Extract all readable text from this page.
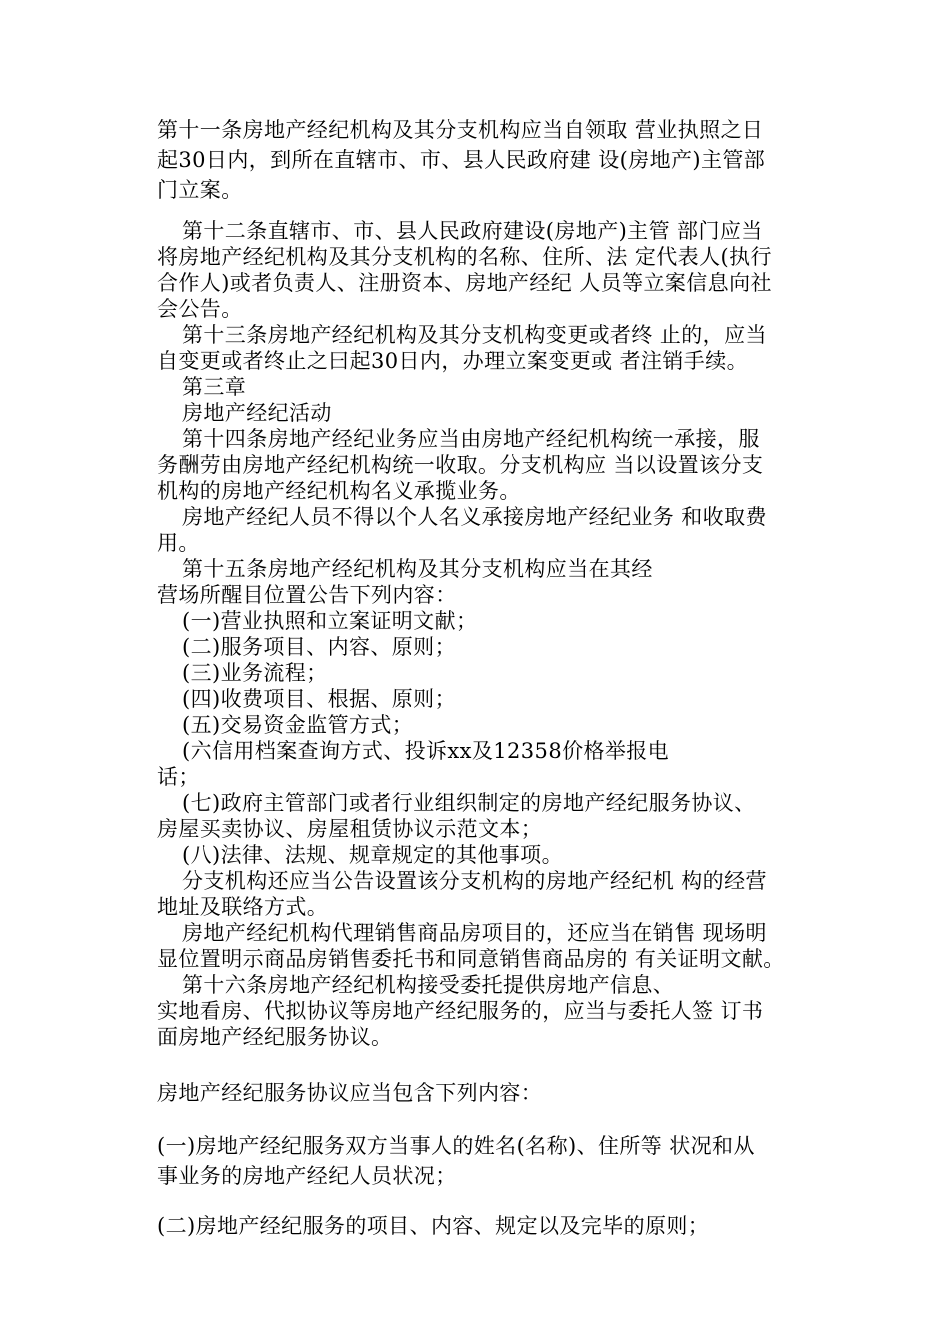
第十一条房地产经纪机构及其分支机构应当自领取 营业执照之日
起30日内，到所在直辖市、市、县人民政府建 设(房地产)主管部
门立案。
第十二条直辖市、市、县人民政府建设(房地产)主管 部门应当
将房地产经纪机构及其分支机构的名称、住所、法 定代表人(执行
合作人)或者负责人、注册资本、房地产经纪 人员等立案信息向社
会公告。
第十三条房地产经纪机构及其分支机构变更或者终 止的，应当
自变更或者终止之曰起30日内，办理立案变更或 者注销手续。
第三章
房地产经纪活动
第十四条房地产经纪业务应当由房地产经纪机构统一承接，服
务酬劳由房地产经纪机构统一收取。分支机构应 当以设置该分支
机构的房地产经纪机构名义承揽业务。
房地产经纪人员不得以个人名义承接房地产经纪业务 和收取费
用。
第十五条房地产经纪机构及其分支机构应当在其经
营场所醒目位置公告下列内容：
(一)营业执照和立案证明文献；
(二)服务项目、内容、原则；
(三)业务流程；
(四)收费项目、根据、原则；
(五)交易资金监管方式；
(六信用档案查询方式、投诉xx及12358价格举报电
话；
(七)政府主管部门或者行业组织制定的房地产经纪服务协议、
房屋买卖协议、房屋租赁协议示范文本；
(八)法律、法规、规章规定的其他事项。
分支机构还应当公告设置该分支机构的房地产经纪机 构的经营
地址及联络方式。
房地产经纪机构代理销售商品房项目的，还应当在销售 现场明
显位置明示商品房销售委托书和同意销售商品房的 有关证明文献。
第十六条房地产经纪机构接受委托提供房地产信息、
实地看房、代拟协议等房地产经纪服务的，应当与委托人签 订书
面房地产经纪服务协议。
房地产经纪服务协议应当包含下列内容：
(一)房地产经纪服务双方当事人的姓名(名称)、住所等 状况和从
事业务的房地产经纪人员状况；
(二)房地产经纪服务的项目、内容、规定以及完毕的原则；
